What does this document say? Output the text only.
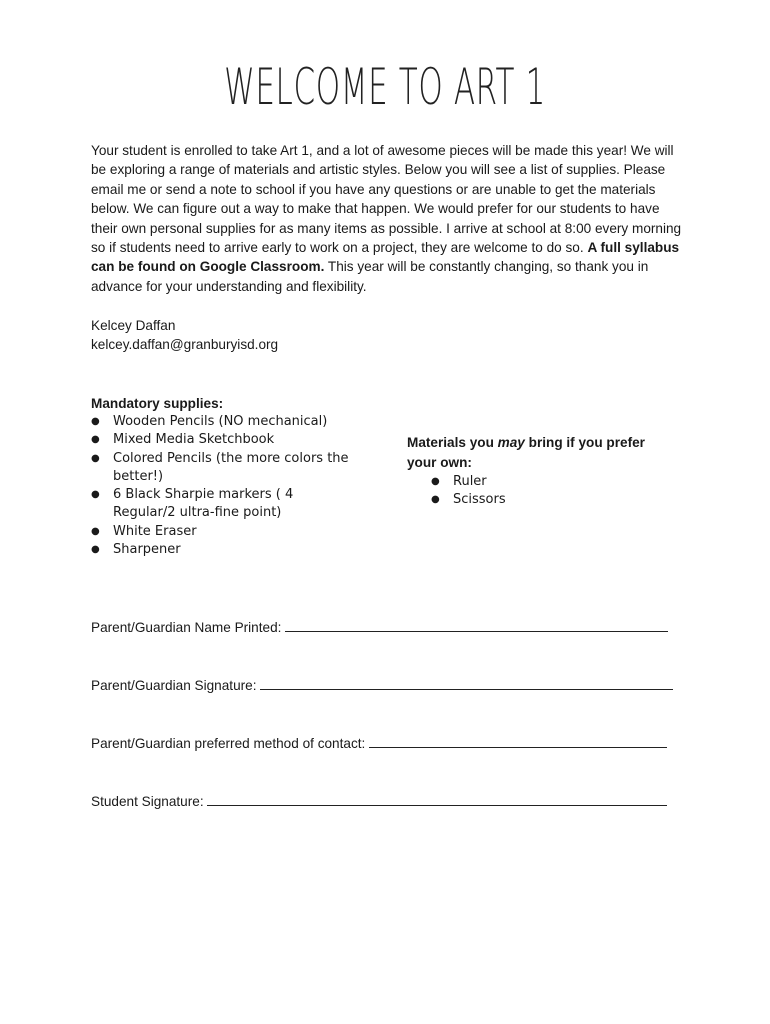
WELCOME TO ART 1
Your student is enrolled to take Art 1, and a lot of awesome pieces will be made this year! We will be exploring a range of materials and artistic styles. Below you will see a list of supplies. Please email me or send a note to school if you have any questions or are unable to get the materials below. We can figure out a way to make that happen. We would prefer for our students to have their own personal supplies for as many items as possible. I arrive at school at 8:00 every morning so if students need to arrive early to work on a project, they are welcome to do so. A full syllabus can be found on Google Classroom. This year will be constantly changing, so thank you in advance for your understanding and flexibility.
Kelcey Daffan
kelcey.daffan@granburyisd.org
Mandatory supplies:
● Wooden Pencils (NO mechanical)
● Mixed Media Sketchbook
● Colored Pencils (the more colors the better!)
● 6 Black Sharpie markers ( 4 Regular/2 ultra-fine point)
● White Eraser
● Sharpener
Materials you may bring if you prefer your own:
● Ruler
● Scissors
Parent/Guardian Name Printed:
Parent/Guardian Signature:
Parent/Guardian preferred method of contact:
Student Signature:
